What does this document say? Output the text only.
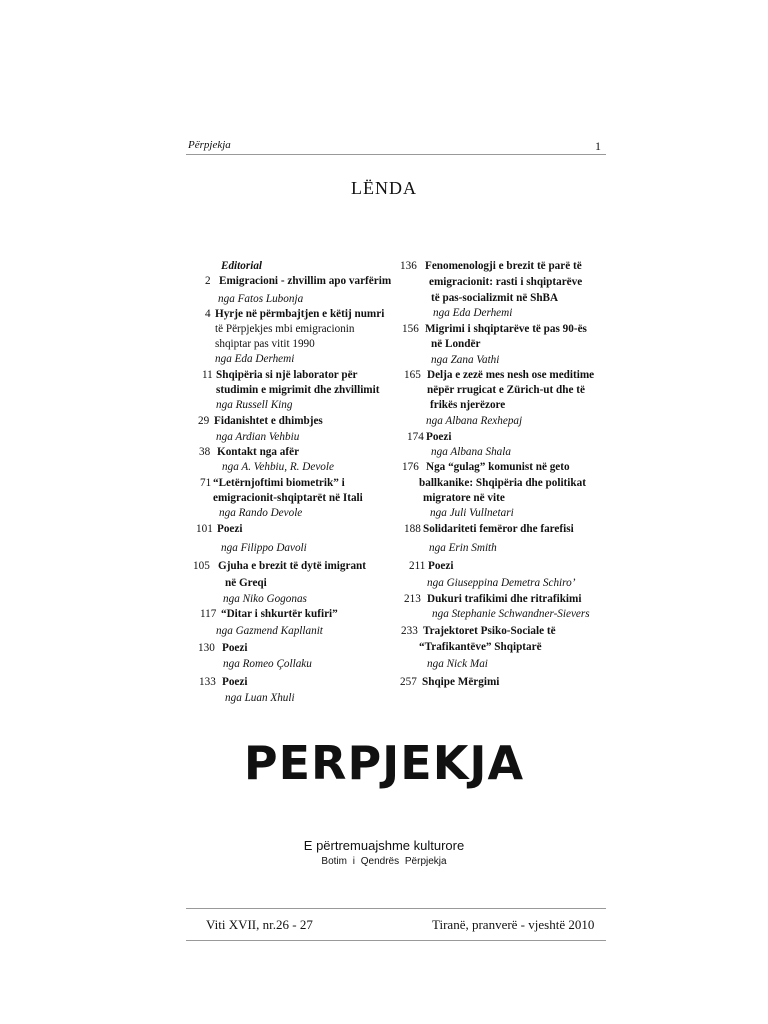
Përpjekja	1
LËNDA
Editorial
2 Emigracioni - zhvillim apo varfërim
nga Fatos Lubonja
4 Hyrje në përmbajtjen e këtij numri
të Përpjekjes mbi emigracionin
shqiptar pas vitit 1990
nga Eda Derhemi
11 Shqipëria si një laborator për
studimin e migrimit dhe zhvillimit
nga Russell King
29 Fidanishtet e dhimbjes
nga Ardian Vehbiu
38 Kontakt nga afër
nga A. Vehbiu, R. Devole
71 “Letërnjoftimi biometrik” i
emigracionit-shqiptarët në Itali
nga Rando Devole
101 Poezi
nga Filippo Davoli
105 Gjuha e brezit të dytë imigrant
në Greqi
nga Niko Gogonas
117 “Ditar i shkurtër kufiri”
nga Gazmend Kapllanit
130 Poezi
nga Romeo Çollaku
133 Poezi
nga Luan Xhuli
136 Fenomenologji e brezit të parë të
emigracionit: rasti i shqiptarëve
të pas-socializmit në ShBA
nga Eda Derhemi
156 Migrimi i shqiptarëve të pas 90-ës
në Londër
nga Zana Vathi
165 Delja e zezë mes nesh ose meditime
nëpër rrugicat e Zürich-ut dhe të
frikës njerëzore
nga Albana Rexhepaj
174 Poezi
nga Albana Shala
176 Nga “gulag” komunist në geto
ballkanike: Shqipëria dhe politikat
migratore në vite
nga Juli Vullnetari
188 Solidariteti femëror dhe farefisi
nga Erin Smith
211 Poezi
nga Giuseppina Demetra Schiro’
213 Dukuri trafikimi dhe ritrafikimi
nga Stephanie Schwandner-Sievers
233 Trajektoret Psiko-Sociale të
“Trafikantëve” Shqiptarë
nga Nick Mai
257 Shqipe Mërgimi
PERPJEKJA
E përtremuajshme kulturore
Botim i Qendrës Përpjekja
Viti XVII, nr.26 - 27	Tiranë, pranverë - vjeshtë 2010
